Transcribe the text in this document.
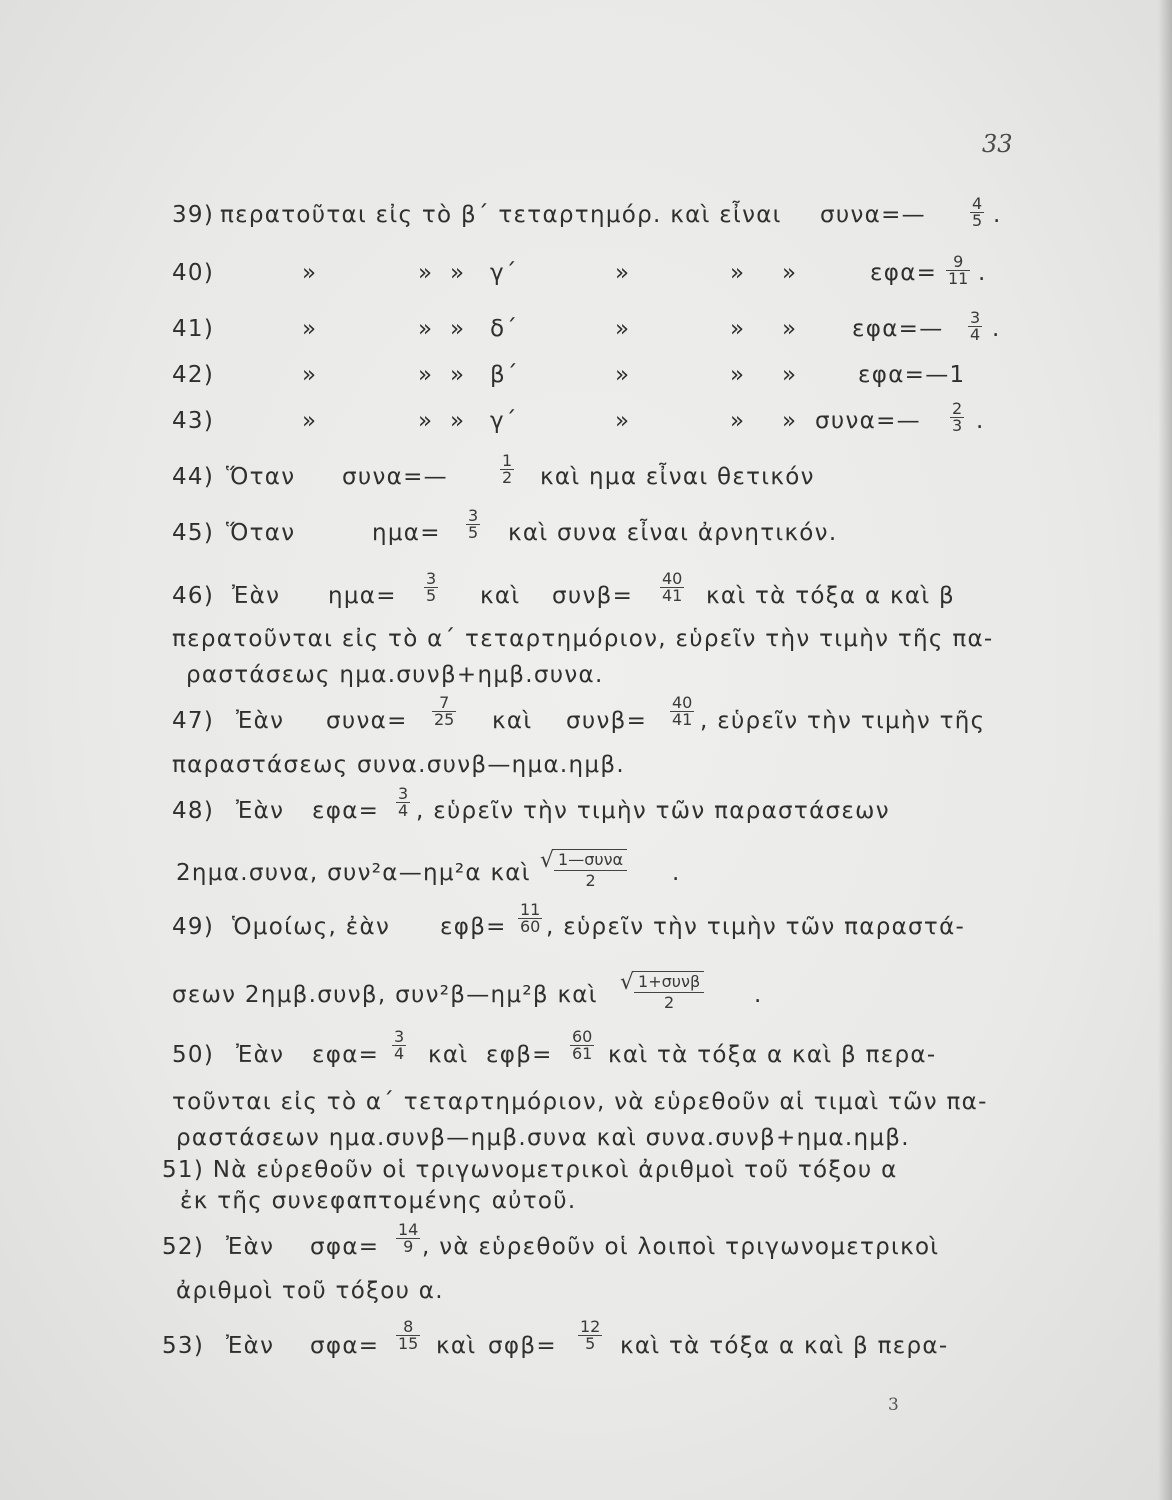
33
39) περατοῦται εἰς τὸ β΄ τεταρτημόρ. καὶ εἶναι συνα=—	$\frac{4}{5}$ .
40)	»	» » γ΄	»	» »	$\varepsilon\varphi\alpha= \frac{9}{11}$ .
41)	»	» » δ΄	»	» » εφα=— $\frac{3}{4}$ .
42)	»	» » β΄	»	» »	εφα=—1
43)	»	» » γ΄	»	» » συνα=— $\frac{2}{3}$ .
44) Ὅταν συνα=—	$\frac{1}{2}$ καὶ ημα εἶναι θετικόν
45) Ὅταν	$\eta\mu\alpha= \frac{3}{5}$ καὶ συνα εἶναι ἀρνητικόν.
46) Ἐὰν $\eta\mu\alpha= \frac{3}{5}$ καὶ $\sigma\upsilon\nu\beta= \frac{40}{41}$ καὶ τὰ τόξα α καὶ β
περατοῦνται εἰς τὸ α΄ τεταρτημόριον, εὑρεῖν τὴν τιμὴν τῆς πα-
ραστάσεως ημα.συνβ+ημβ.συνα.
47) Ἐὰν $\sigma\upsilon\nu\alpha= \frac{7}{25}$ καὶ $\sigma\upsilon\nu\beta= \frac{40}{41}$ , εὑρεῖν τὴν τιμὴν τῆς
παραστάσεως συνα.συνβ—ημα.ημβ.
48) Ἐὰν $\varepsilon\varphi\alpha= \frac{3}{4}$ , εὑρεῖν τὴν τιμὴν τῶν παραστάσεων
2ημα.συνα, συν²α—ημ²α καὶ √ 1—συνα
2	.
49) Ὁμοίως, ἐὰν $\varepsilon\varphi\beta= \frac{11}{60}$ , εὑρεῖν τὴν τιμὴν τῶν παραστά-
σεων 2ημβ.συνβ, συν²β—ημ²β καὶ √ 1+συνβ
2	.
50) Ἐὰν $\varepsilon\varphi\alpha= \frac{3}{4}$ καὶ $\varepsilon\varphi\beta= \frac{60}{61}$ καὶ τὰ τόξα α καὶ β περα-
τοῦνται εἰς τὸ α΄ τεταρτημόριον, νὰ εὑρεθοῦν αἱ τιμαὶ τῶν πα-
ραστάσεων ημα.συνβ—ημβ.συνα καὶ συνα.συνβ+ημα.ημβ.
51) Νὰ εὑρεθοῦν οἱ τριγωνομετρικοὶ ἀριθμοὶ τοῦ τόξου α
ἐκ τῆς συνεφαπτομένης αὐτοῦ.
52) Ἐὰν $\sigma\varphi\alpha= \frac{14}{9}$ , νὰ εὑρεθοῦν οἱ λοιποὶ τριγωνομετρικοὶ
ἀριθμοὶ τοῦ τόξου α.
53) Ἐὰν $\sigma\varphi\alpha= \frac{8}{15}$ καὶ $\sigma\varphi\beta= \frac{12}{5}$ καὶ τὰ τόξα α καὶ β περα-
3
